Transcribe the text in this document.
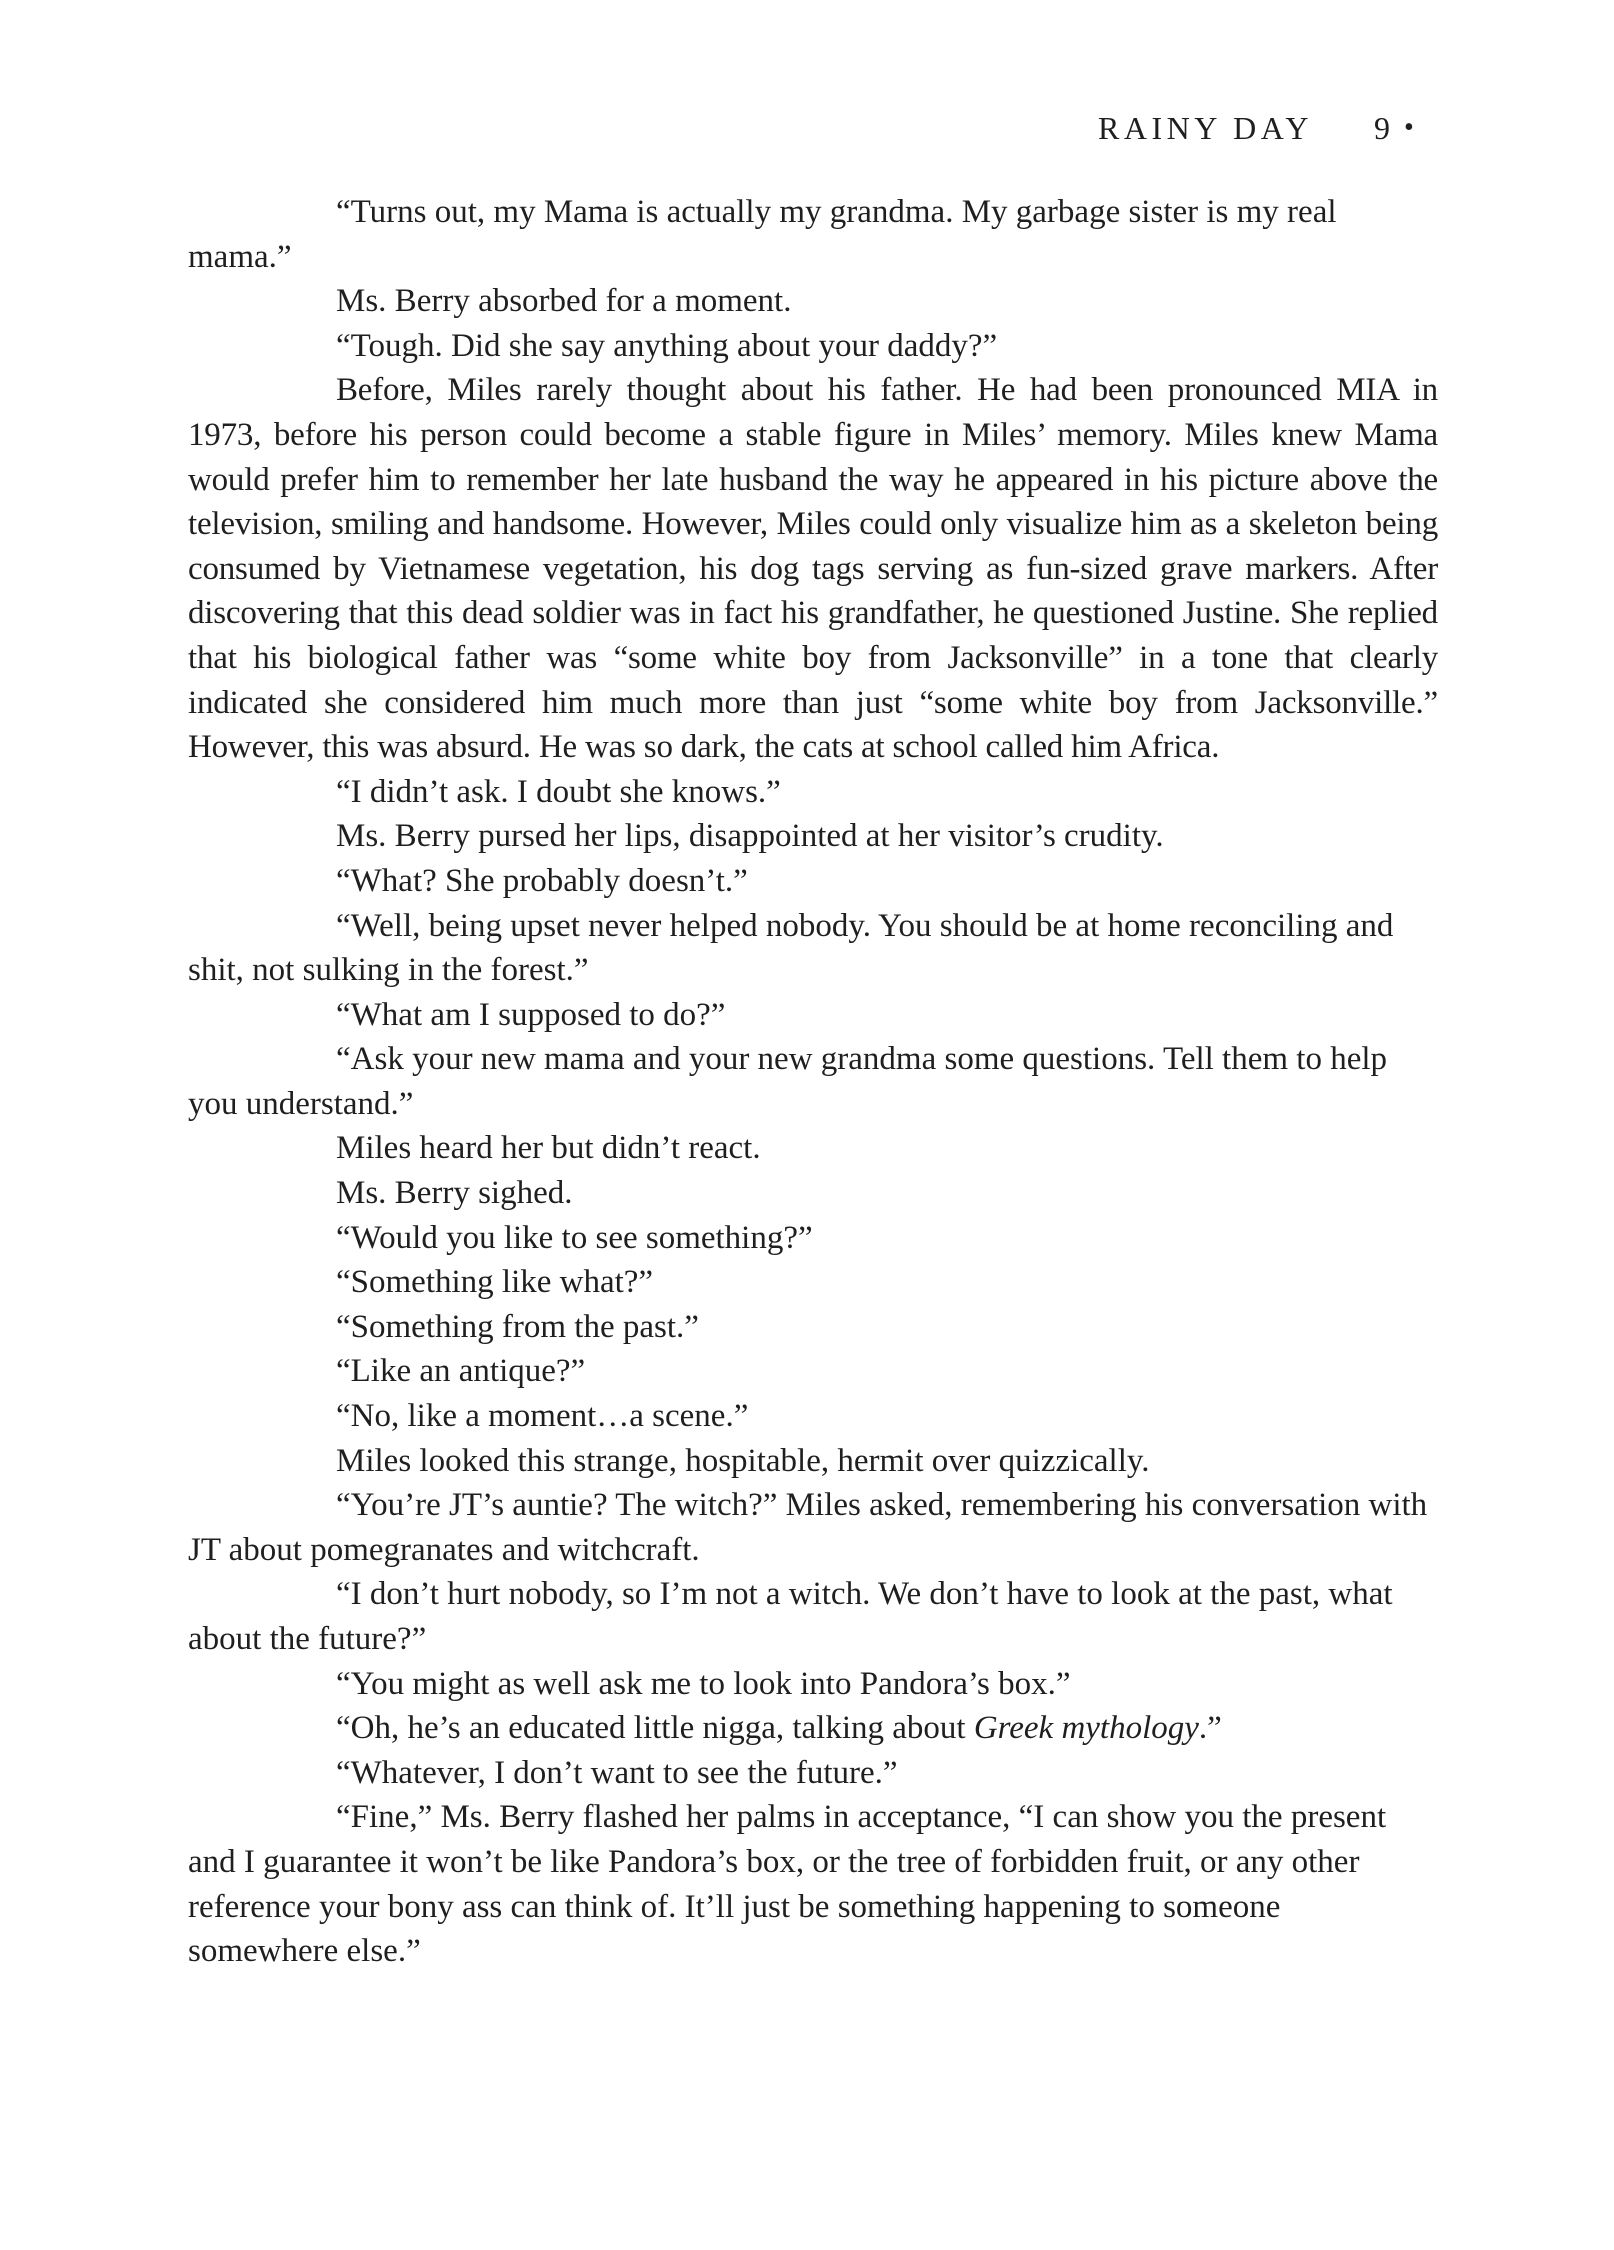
RAINY DAY 9 •

“Turns out, my Mama is actually my grandma. My garbage sister is my real mama.”

Ms. Berry absorbed for a moment.

“Tough. Did she say anything about your daddy?”

Before, Miles rarely thought about his father. He had been pronounced MIA in 1973, before his person could become a stable figure in Miles’ memory. Miles knew Mama would prefer him to remember her late husband the way he appeared in his picture above the television, smiling and handsome. However, Miles could only visualize him as a skeleton being consumed by Vietnamese vegetation, his dog tags serving as fun-sized grave markers. After discovering that this dead soldier was in fact his grandfather, he questioned Justine. She replied that his biological father was “some white boy from Jacksonville” in a tone that clearly indicated she considered him much more than just “some white boy from Jacksonville.” However, this was absurd. He was so dark, the cats at school called him Africa.

“I didn’t ask. I doubt she knows.”

Ms. Berry pursed her lips, disappointed at her visitor’s crudity.

“What? She probably doesn’t.”

“Well, being upset never helped nobody. You should be at home reconciling and shit, not sulking in the forest.”

“What am I supposed to do?”

“Ask your new mama and your new grandma some questions. Tell them to help you understand.”

Miles heard her but didn’t react.

Ms. Berry sighed.

“Would you like to see something?”

“Something like what?”

“Something from the past.”

“Like an antique?”

“No, like a moment…a scene.”

Miles looked this strange, hospitable, hermit over quizzically.

“You’re JT’s auntie? The witch?” Miles asked, remembering his conversation with JT about pomegranates and witchcraft.

“I don’t hurt nobody, so I’m not a witch. We don’t have to look at the past, what about the future?”

“You might as well ask me to look into Pandora’s box.”

“Oh, he’s an educated little nigga, talking about Greek mythology.”

“Whatever, I don’t want to see the future.”

“Fine,” Ms. Berry flashed her palms in acceptance, “I can show you the present and I guarantee it won’t be like Pandora’s box, or the tree of forbidden fruit, or any other reference your bony ass can think of. It’ll just be something happening to someone somewhere else.”
